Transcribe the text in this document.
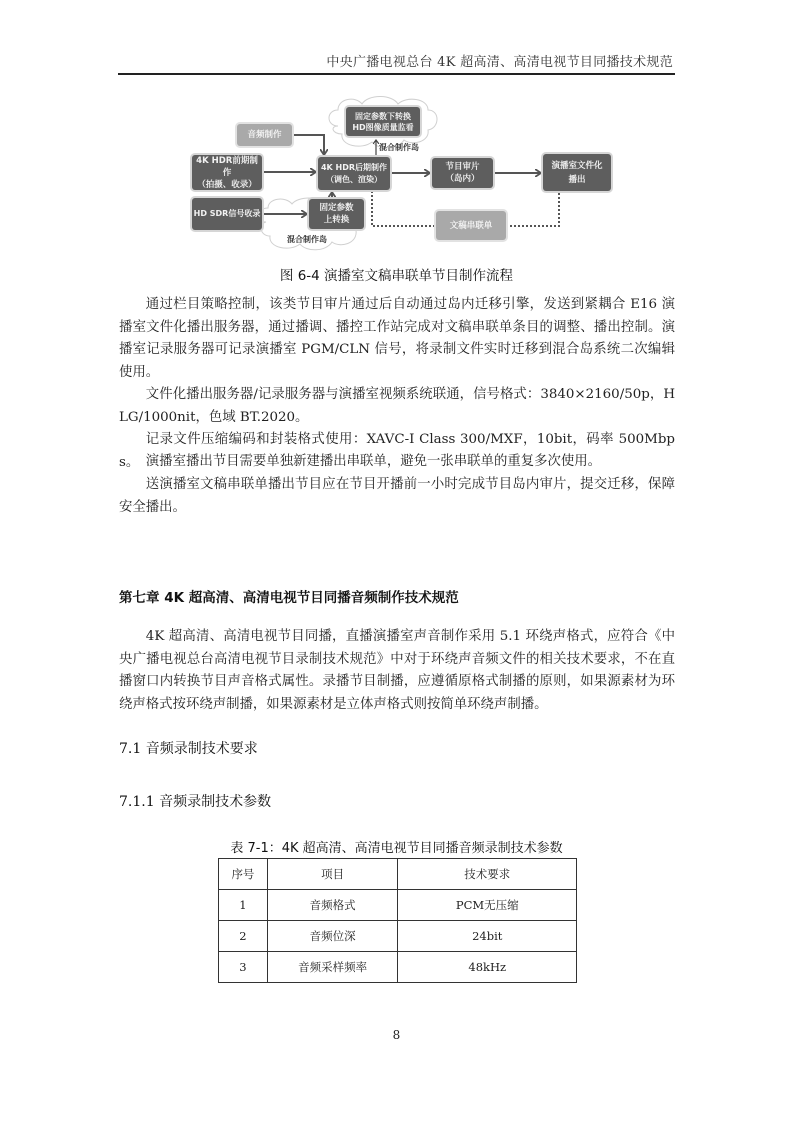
中央广播电视总台 4K 超高清、高清电视节目同播技术规范
音频制作
固定参数下转换
HD图像质量监看
混合制作岛
4K HDR前期制作
（拍摄、收录）
4K HDR后期制作
（调色、渲染）
节目审片
（岛内）
演播室文件化
播出
HD SDR信号收录
固定参数
上转换
混合制作岛
文稿串联单
图 6-4 演播室文稿串联单节目制作流程

通过栏目策略控制，该类节目审片通过后自动通过岛内迁移引擎，发送到紧耦合 E16 演播室文件化播出服务器，通过播调、播控工作站完成对文稿串联单条目的调整、播出控制。演播室记录服务器可记录演播室 PGM/CLN 信号，将录制文件实时迁移到混合岛系统二次编辑使用。

文件化播出服务器/记录服务器与演播室视频系统联通，信号格式：3840×2160/50p，HLG/1000nit，色域 BT.2020。

记录文件压缩编码和封装格式使用：XAVC-I Class 300/MXF，10bit，码率 500Mbps。 演播室播出节目需要单独新建播出串联单，避免一张串联单的重复多次使用。

送演播室文稿串联单播出节目应在节目开播前一小时完成节目岛内审片，提交迁移，保障安全播出。

第七章 4K 超高清、高清电视节目同播音频制作技术规范

4K 超高清、高清电视节目同播，直播演播室声音制作采用 5.1 环绕声格式，应符合《中央广播电视总台高清电视节目录制技术规范》中对于环绕声音频文件的相关技术要求，不在直播窗口内转换节目声音格式属性。录播节目制播，应遵循原格式制播的原则，如果源素材为环绕声格式按环绕声制播，如果源素材是立体声格式则按简单环绕声制播。

7.1 音频录制技术要求
7.1.1 音频录制技术参数
表 7-1：4K 超高清、高清电视节目同播音频录制技术参数
序号	项目	技术要求
1	音频格式	PCM无压缩
2	音频位深	24bit
3	音频采样频率	48kHz
8
